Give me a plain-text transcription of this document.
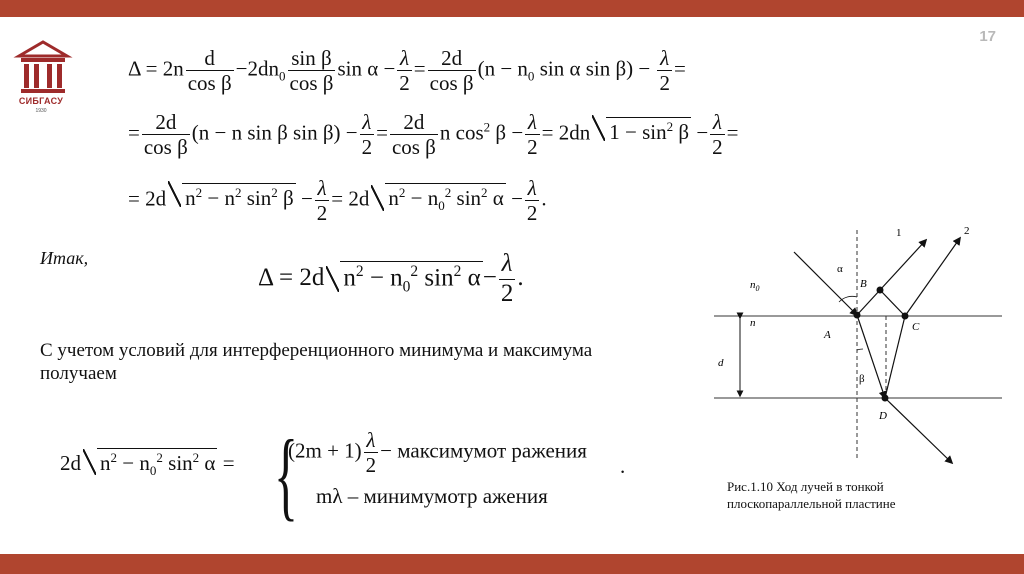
17
СИБГАСУ
1930
$\Delta = 2n \frac{d}{\text{cos β}} -2dn_0 \frac{\text{sin β}}{\text{cos β}}$ $\sin \alpha - \frac{\lambda}{2} = \frac{2d}{\text{cos β}} (n - n_0$ sin α $\sin \beta) - \frac{\lambda}{2}$ =
= $\frac{2d}{\text{cos β}} (n - n$ sin β $\sin \beta) - \frac{\lambda}{2} = \frac{2d}{\text{cos β}}$ n $\cos^2 \beta - \frac{\lambda}{2} = 2dn$ $1 - \sin^2 \beta - \frac{\lambda}{2}$ =
= 2d $n^2 - n^2$ $\sin^2 \beta - \frac{\lambda}{2} = 2d$ $n^2 - n_0^2$ $\sin^2 \alpha - \frac{\lambda}{2}$ .
Итак,
Δ = 2d $n^2 - n_0^2$ $\sin^2 \alpha- \frac{\lambda}{2}$ .
С учетом условий для интерференционного минимума и максимума получаем
2d $n^2 - n_0^2$ $\sin^2 \alpha$ = {
$(2m + 1) \frac{\lambda}{2}$ − максимумот ражения
mλ – минимумотр ажения
.
1	2
$n_0$
n
d
α
β
A
B
C
D
Рис.1.10 Ход лучей в тонкой плоскопараллельной пластине
